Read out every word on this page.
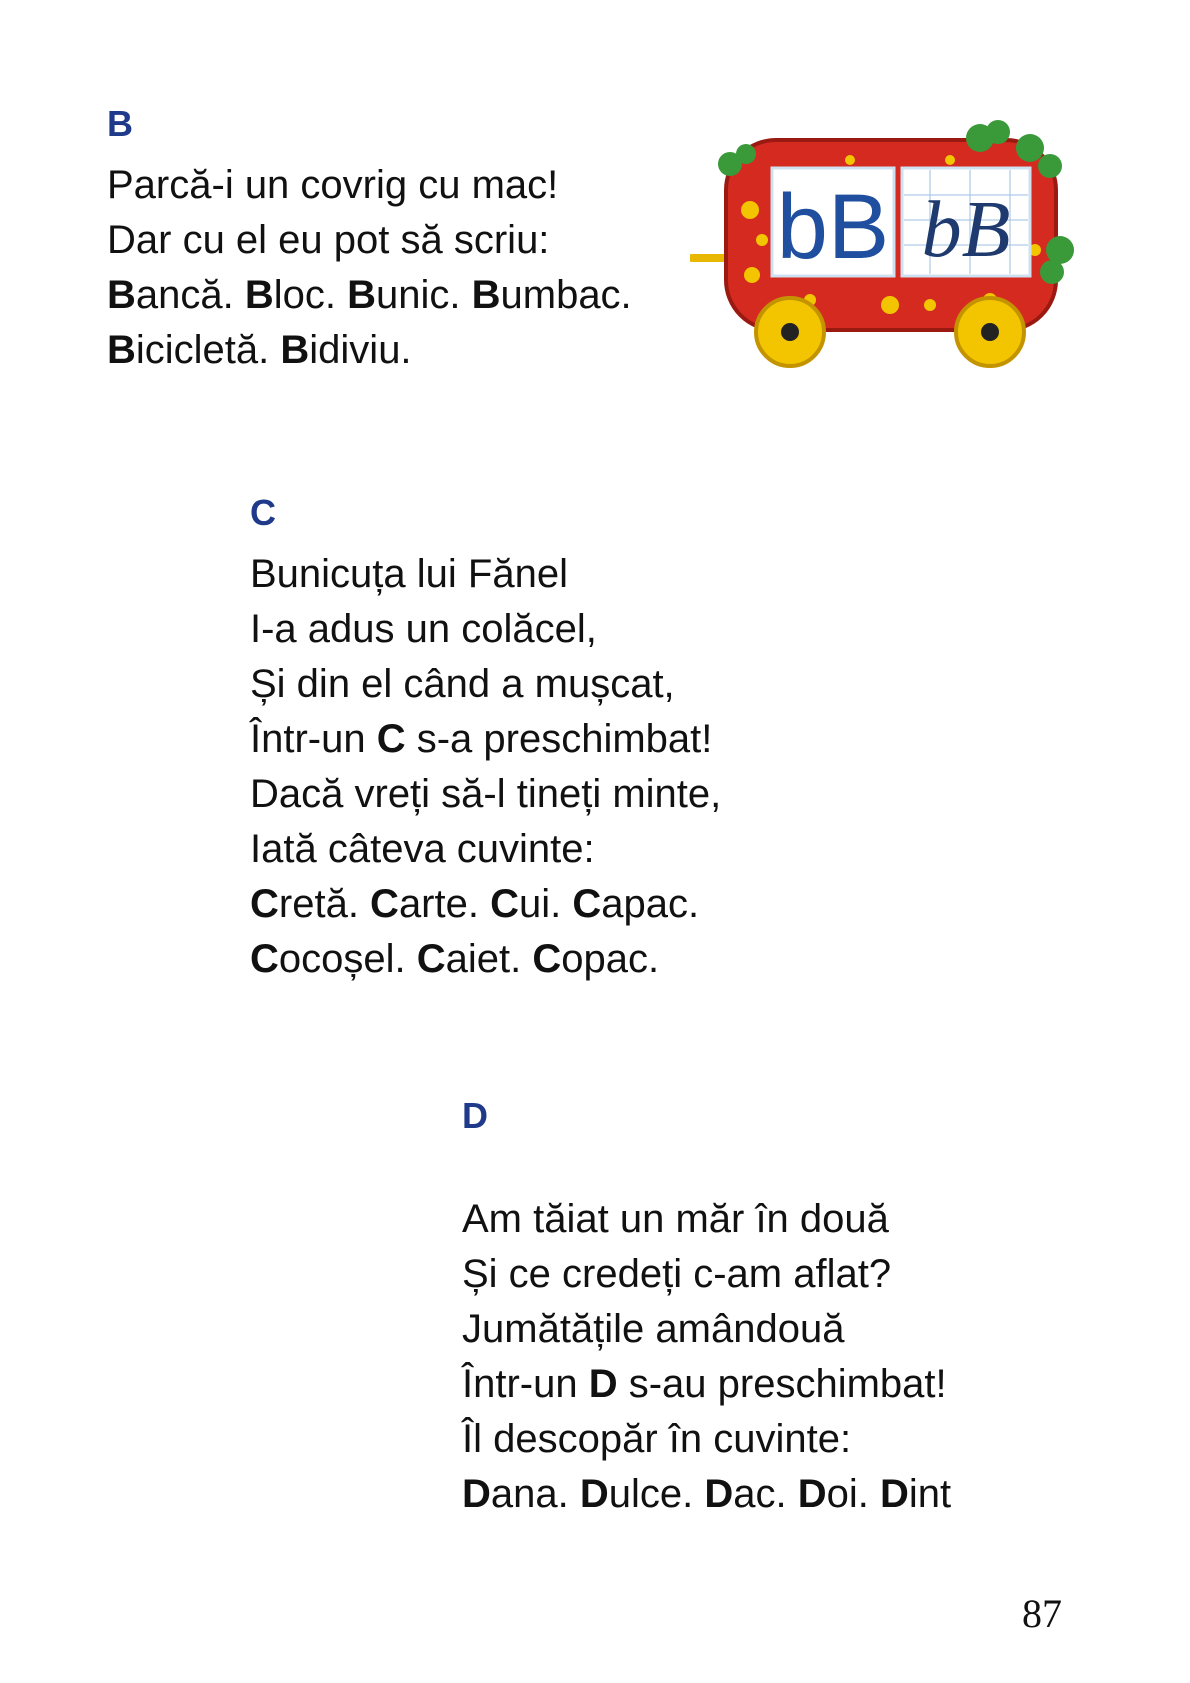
B
Parcă-i un covrig cu mac!
Dar cu el eu pot să scriu:
Bancă. Bloc. Bunic. Bumbac.
Bicicletă. Bidiviu.
bB bB
C
Bunicuța lui Fănel
I-a adus un colăcel,
Și din el când a mușcat,
Într-un C s-a preschimbat!
Dacă vreți să-l tineți minte,
Iată câteva cuvinte:
Cretă. Carte. Cui. Capac.
Cocoșel. Caiet. Copac.
D
Am tăiat un măr în două
Și ce credeți c-am aflat?
Jumătățile amândouă
Într-un D s-au preschimbat!
Îl descopăr în cuvinte:
Dana. Dulce. Dac. Doi. Dint
87
